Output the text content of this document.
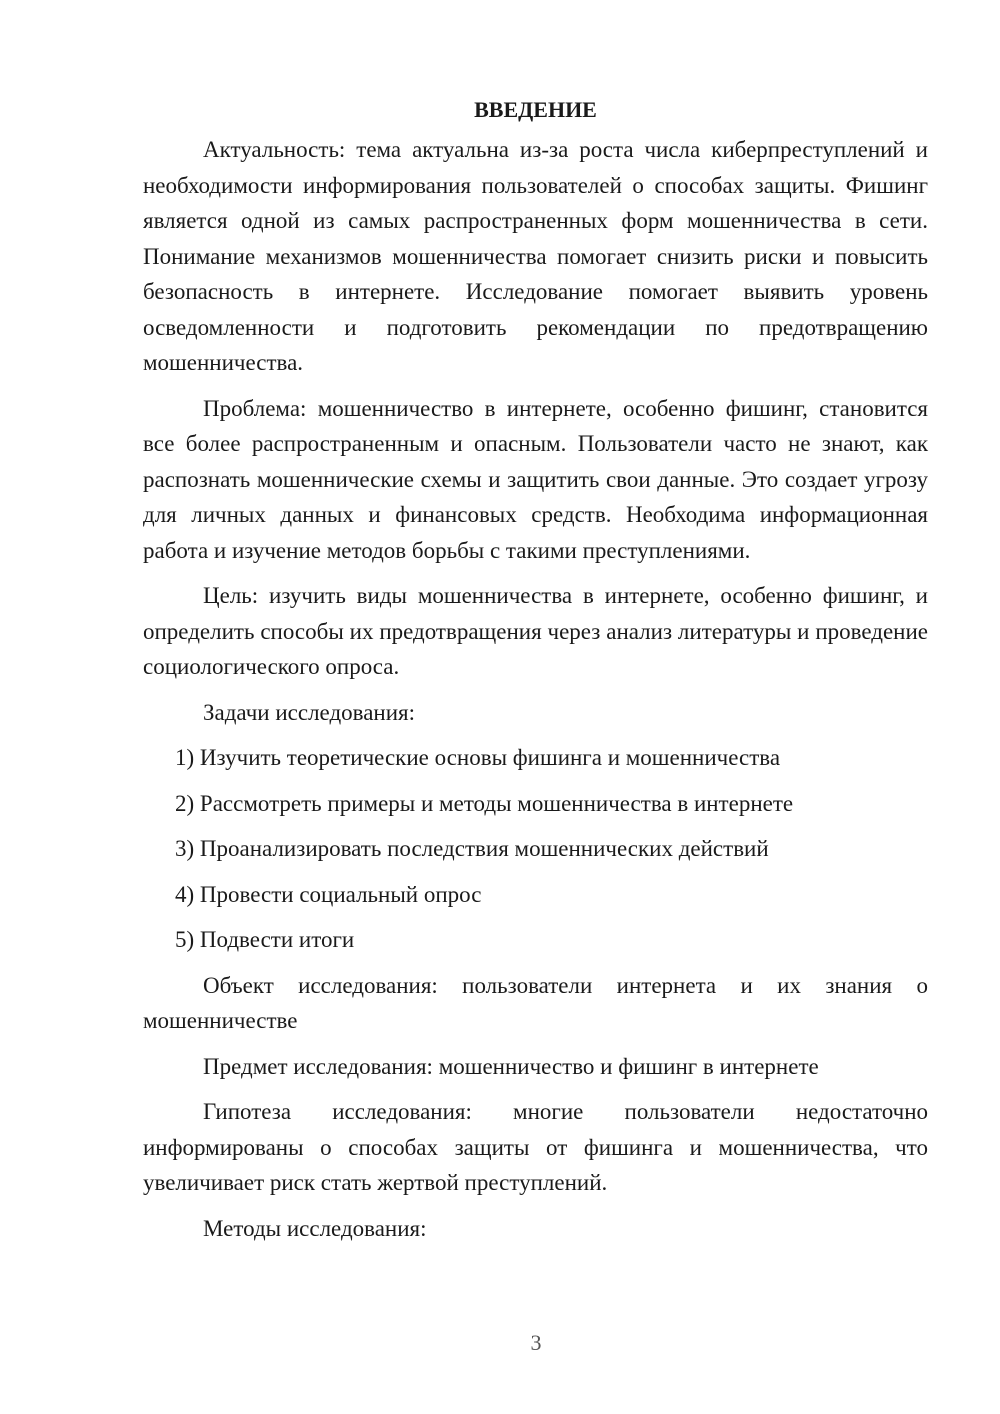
ВВЕДЕНИЕ

Актуальность: тема актуальна из-за роста числа киберпреступлений и необходимости информирования пользователей о способах защиты. Фишинг является одной из самых распространенных форм мошенничества в сети. Понимание механизмов мошенничества помогает снизить риски и повысить безопасность в интернете. Исследование помогает выявить уровень осведомленности и подготовить рекомендации по предотвращению мошенничества.

Проблема: мошенничество в интернете, особенно фишинг, становится все более распространенным и опасным. Пользователи часто не знают, как распознать мошеннические схемы и защитить свои данные. Это создает угрозу для личных данных и финансовых средств. Необходима информационная работа и изучение методов борьбы с такими преступлениями.

Цель: изучить виды мошенничества в интернете, особенно фишинг, и определить способы их предотвращения через анализ литературы и проведение социологического опроса.

Задачи исследования:

1) Изучить теоретические основы фишинга и мошенничества
2) Рассмотреть примеры и методы мошенничества в интернете
3) Проанализировать последствия мошеннических действий
4) Провести социальный опрос
5) Подвести итоги

Объект исследования: пользователи интернета и их знания о мошенничестве

Предмет исследования: мошенничество и фишинг в интернете

Гипотеза исследования: многие пользователи недостаточно информированы о способах защиты от фишинга и мошенничества, что увеличивает риск стать жертвой преступлений.

Методы исследования:

3
